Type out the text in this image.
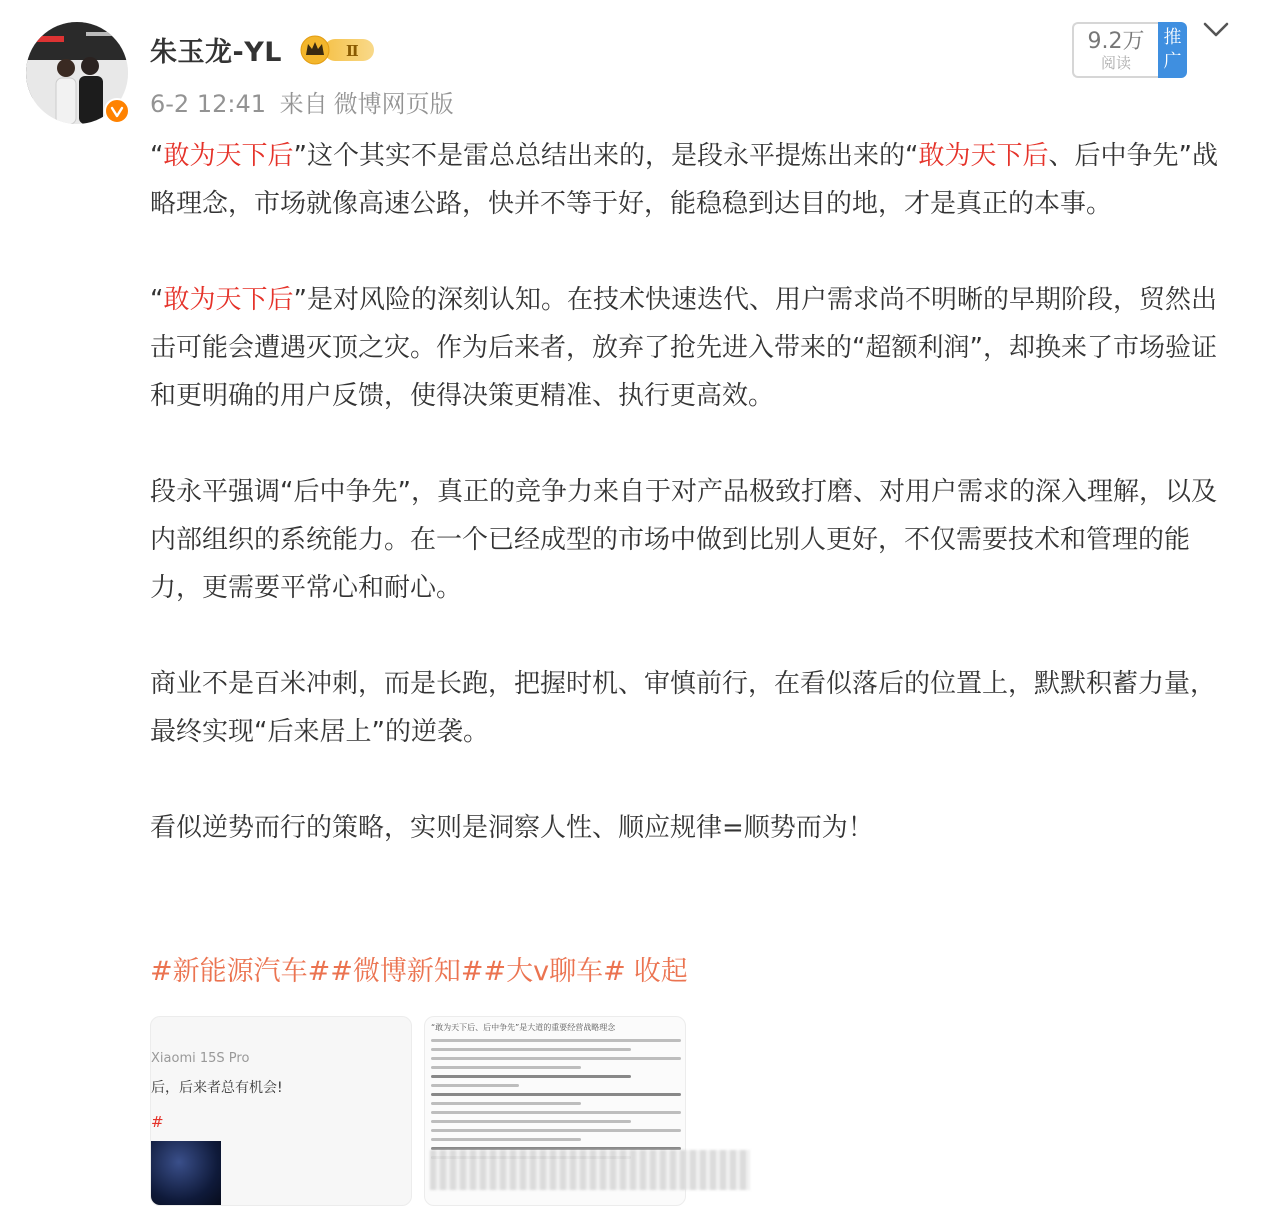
朱玉龙-YL	Ⅱ
6-2 12:41 来自 微博网页版
9.2万
阅读
推广

“敢为天下后”这个其实不是雷总总结出来的，是段永平提炼出来的“敢为天下后、后中争先”战略理念，市场就像高速公路，快并不等于好，能稳稳到达目的地，才是真正的本事。

“敢为天下后”是对风险的深刻认知。在技术快速迭代、用户需求尚不明晰的早期阶段，贸然出击可能会遭遇灭顶之灾。作为后来者，放弃了抢先进入带来的“超额利润”，却换来了市场验证和更明确的用户反馈，使得决策更精准、执行更高效。

段永平强调“后中争先”，真正的竞争力来自于对产品极致打磨、对用户需求的深入理解，以及内部组织的系统能力。在一个已经成型的市场中做到比别人更好，不仅需要技术和管理的能力，更需要平常心和耐心。

商业不是百米冲刺，而是长跑，把握时机、审慎前行，在看似落后的位置上，默默积蓄力量，最终实现“后来居上”的逆袭。

看似逆势而行的策略，实则是洞察人性、顺应规律=顺势而为！

#新能源汽车##微博新知##大v聊车# 收起
Xiaomi 15S Pro
后，后来者总有机会!
#
“敢为天下后、后中争先”是大道的重要经营战略理念
